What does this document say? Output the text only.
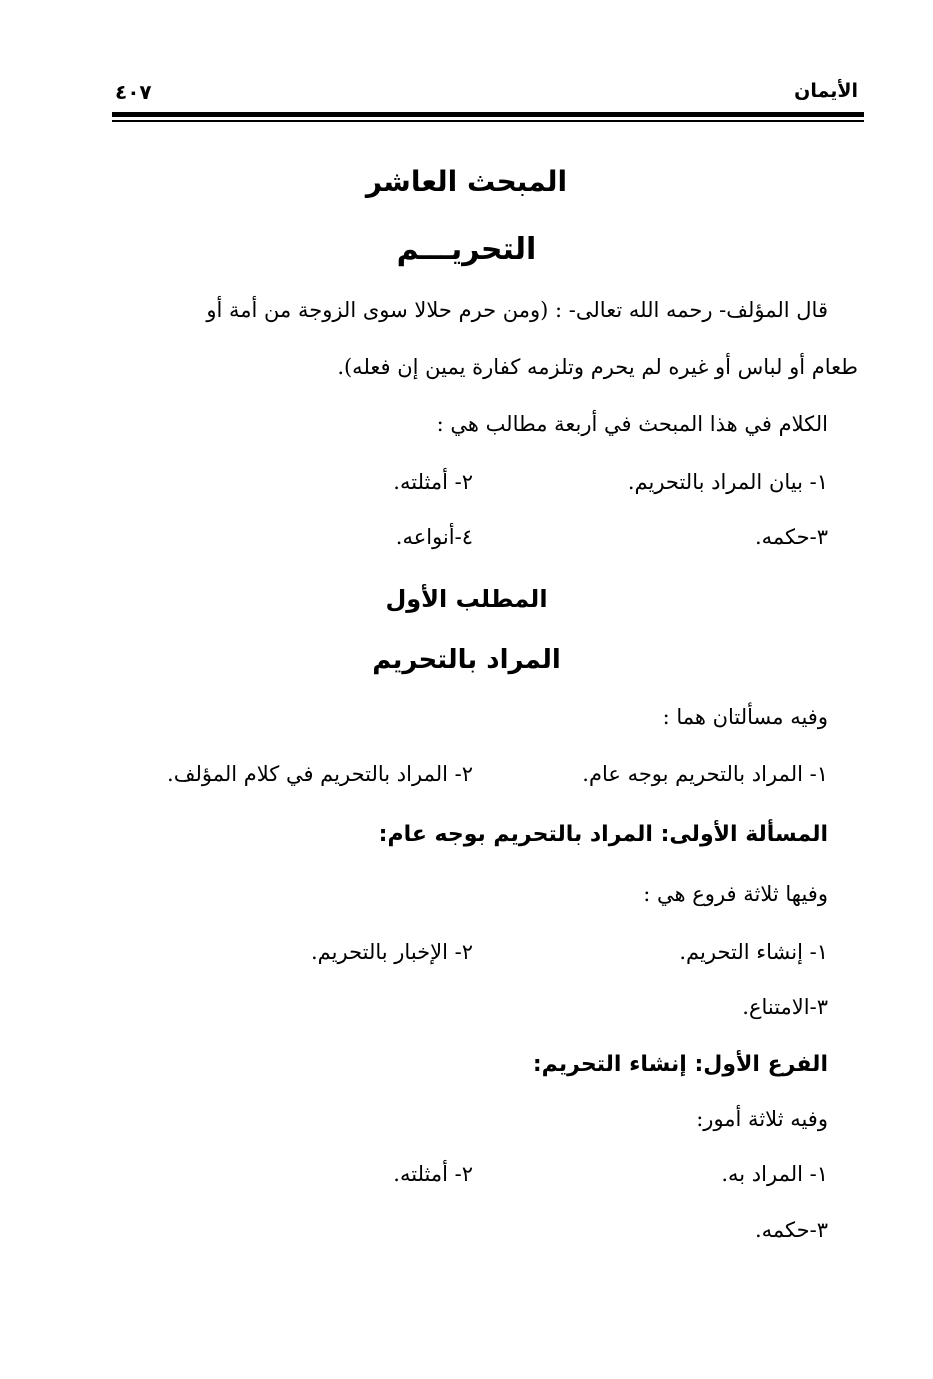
الأيمان
٤٠٧
المبحث العاشر
التحريـــم
قال المؤلف- رحمه الله تعالى- : (ومن حرم حلالا سوى الزوجة من أمة أو
طعام أو لباس أو غيره لم يحرم وتلزمه كفارة يمين إن فعله).
الكلام في هذا المبحث في أربعة مطالب هي :
١- بيان المراد بالتحريم.
٢- أمثلته.
٣-حكمه.
٤-أنواعه.
المطلب الأول
المراد بالتحريم
وفيه مسألتان هما :
١- المراد بالتحريم بوجه عام.
٢- المراد بالتحريم في كلام المؤلف.
المسألة الأولى: المراد بالتحريم بوجه عام:
وفيها ثلاثة فروع هي :
١- إنشاء التحريم.
٢- الإخبار بالتحريم.
٣-الامتناع.
الفرع الأول: إنشاء التحريم:
وفيه ثلاثة أمور:
١- المراد به.
٢- أمثلته.
٣-حكمه.
